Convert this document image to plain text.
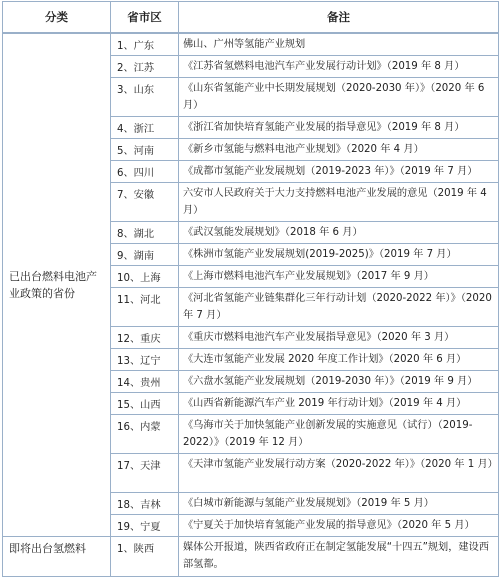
分类	省市区	备注
已出台燃料电池产业政策的省份	1、广东	佛山、广州等氢能产业规划
	2、江苏	《江苏省氢燃料电池汽车产业发展行动计划》（2019 年 8 月）
	3、山东	《山东省氢能产业中长期发展规划（2020-2030 年）》（2020 年 6 月）
	4、浙江	《浙江省加快培育氢能产业发展的指导意见》（2019 年 8 月）
	5、河南	《新乡市氢能与燃料电池产业规划》（2020 年 4 月）
	6、四川	《成都市氢能产业发展规划（2019-2023 年）》（2019 年 7 月）
	7、安徽	六安市人民政府关于大力支持燃料电池产业发展的意见（2019 年 4 月）
	8、湖北	《武汉氢能发展规划》（2018 年 6 月）
	9、湖南	《株洲市氢能产业发展规划(2019-2025)》（2019 年 7 月）
	10、上海	《上海市燃料电池汽车产业发展规划》（2017 年 9 月）
	11、河北	《河北省氢能产业链集群化三年行动计划（2020-2022 年）》（2020 年 7 月）
	12、重庆	《重庆市燃料电池汽车产业发展指导意见》（2020 年 3 月）
	13、辽宁	《大连市氢能产业发展 2020 年度工作计划》（2020 年 6 月）
	14、贵州	《六盘水氢能产业发展规划（2019-2030 年）》（2019 年 9 月）
	15、山西	《山西省新能源汽车产业 2019 年行动计划》（2019 年 4 月）
	16、内蒙	《乌海市关于加快氢能产业创新发展的实施意见（试行）（2019-2022）》（2019 年 12 月）
	17、天津	《天津市氢能产业发展行动方案（2020-2022 年）》（2020 年 1 月）
	18、吉林	《白城市新能源与氢能产业发展规划》（2019 年 5 月）
	19、宁夏	《宁夏关于加快培育氢能产业发展的指导意见》（2020 年 5 月）
即将出台氢燃料	1、陕西	媒体公开报道，陕西省政府正在制定氢能发展“十四五”规划，建设西部氢都。
